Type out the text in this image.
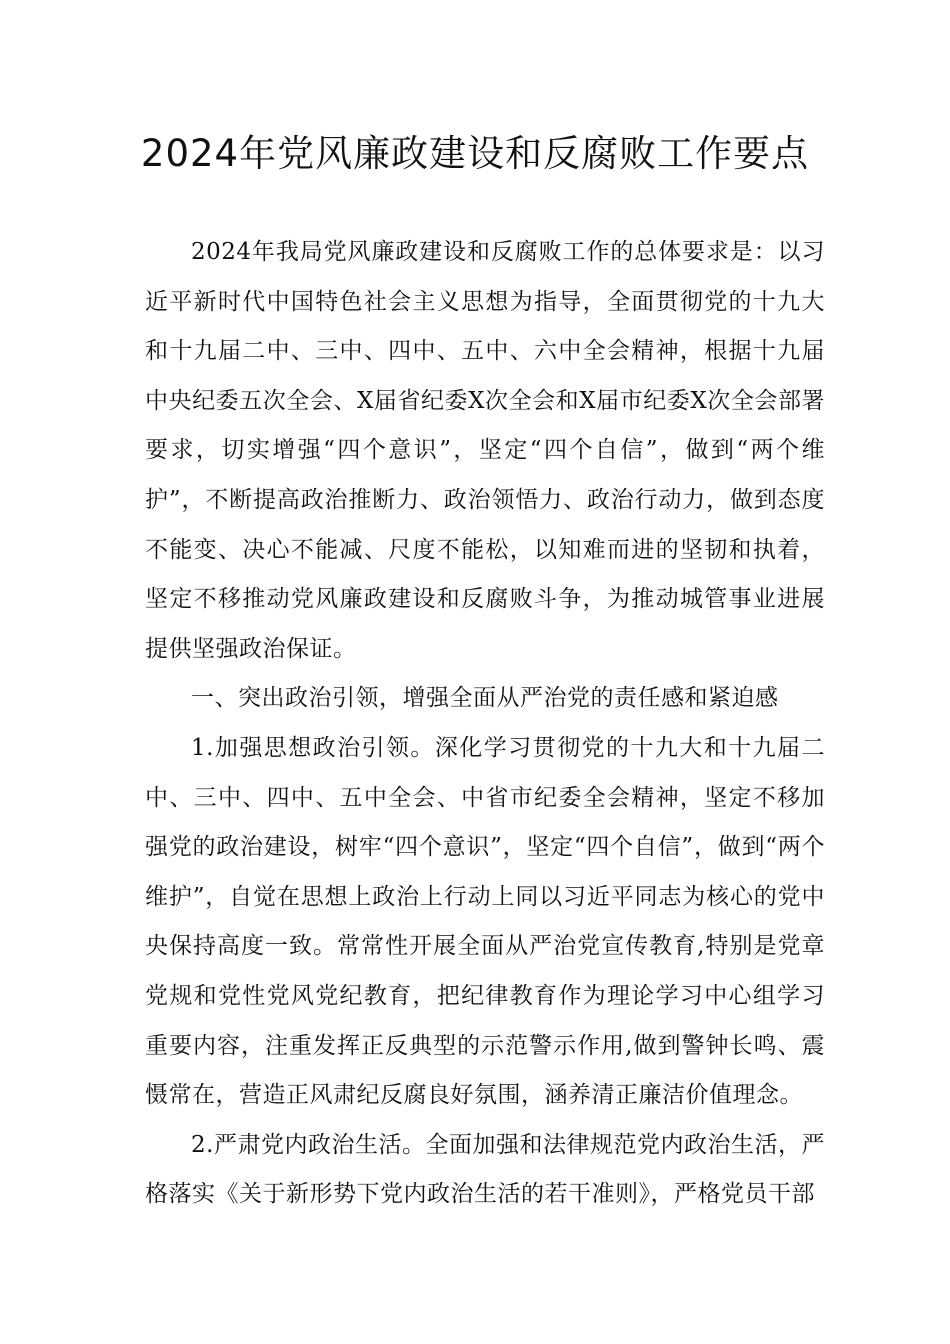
2024年党风廉政建设和反腐败工作要点

2024年我局党风廉政建设和反腐败工作的总体要求是：以习近平新时代中国特色社会主义思想为指导，全面贯彻党的十九大和十九届二中、三中、四中、五中、六中全会精神，根据十九届中央纪委五次全会、X届省纪委X次全会和X届市纪委X次全会部署要求，切实增强“四个意识”，坚定“四个自信”，做到“两个维护”，不断提高政治推断力、政治领悟力、政治行动力，做到态度不能变、决心不能减、尺度不能松，以知难而进的坚韧和执着，坚定不移推动党风廉政建设和反腐败斗争，为推动城管事业进展提供坚强政治保证。

一、突出政治引领，增强全面从严治党的责任感和紧迫感

1.加强思想政治引领。深化学习贯彻党的十九大和十九届二中、三中、四中、五中全会、中省市纪委全会精神，坚定不移加强党的政治建设，树牢“四个意识”，坚定“四个自信”，做到“两个维护”，自觉在思想上政治上行动上同以习近平同志为核心的党中央保持高度一致。常常性开展全面从严治党宣传教育,特别是党章党规和党性党风党纪教育，把纪律教育作为理论学习中心组学习重要内容，注重发挥正反典型的示范警示作用,做到警钟长鸣、震慑常在，营造正风肃纪反腐良好氛围，涵养清正廉洁价值理念。

2.严肃党内政治生活。全面加强和法律规范党内政治生活，严格落实《关于新形势下党内政治生活的若干准则》，严格党员干部
